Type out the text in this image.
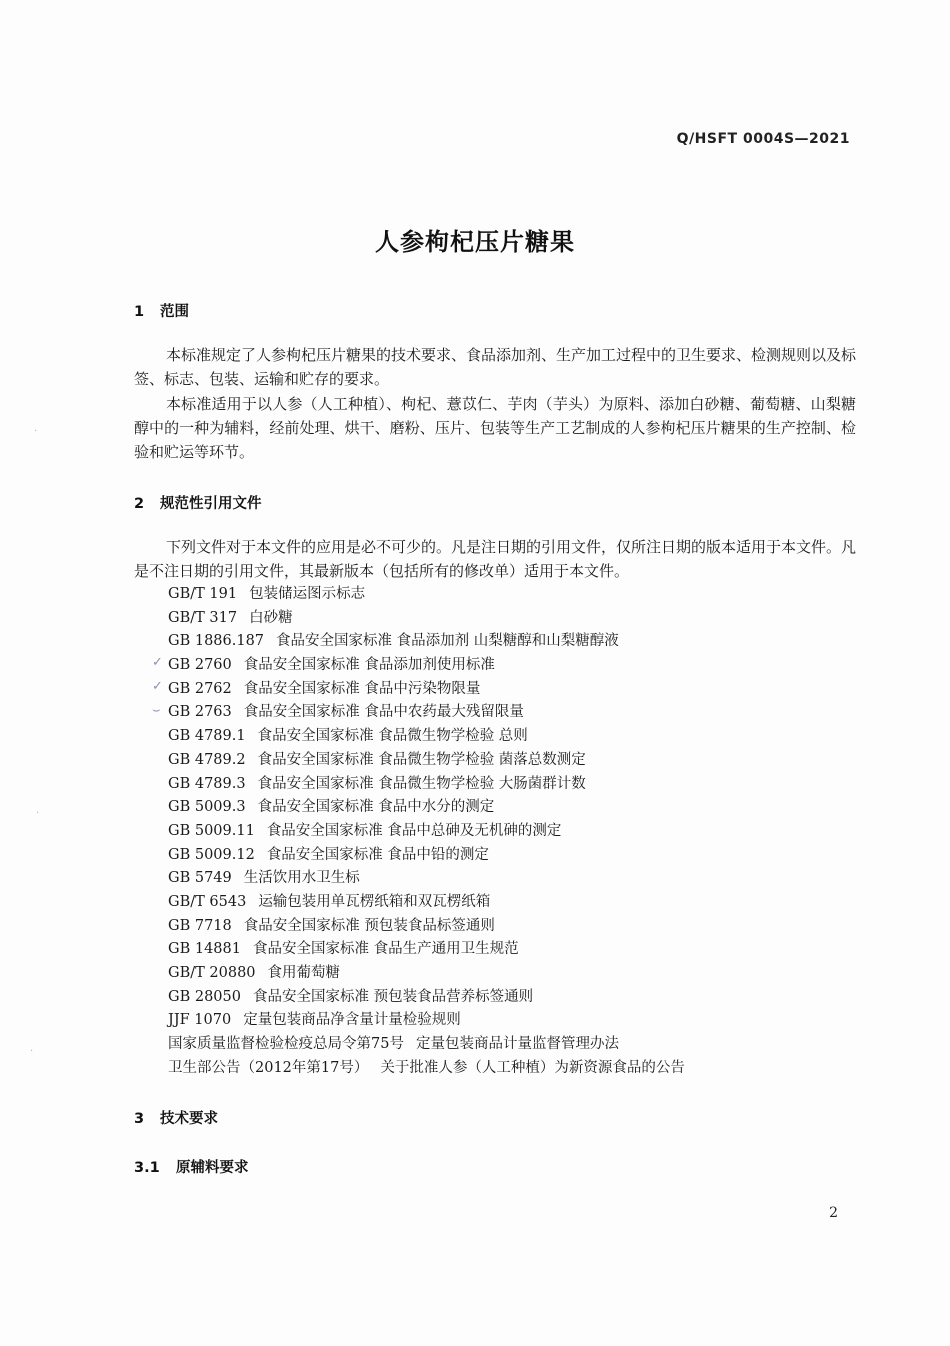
Q/HSFT 0004S—2021
人参枸杞压片糖果
1 范围
本标准规定了人参枸杞压片糖果的技术要求、食品添加剂、生产加工过程中的卫生要求、检测规则以及标签、标志、包装、运输和贮存的要求。
本标准适用于以人参（人工种植）、枸杞、薏苡仁、芋肉（芋头）为原料、添加白砂糖、葡萄糖、山梨糖醇中的一种为辅料，经前处理、烘干、磨粉、压片、包装等生产工艺制成的人参枸杞压片糖果的生产控制、检验和贮运等环节。
2 规范性引用文件
下列文件对于本文件的应用是必不可少的。凡是注日期的引用文件，仅所注日期的版本适用于本文件。凡是不注日期的引用文件，其最新版本（包括所有的修改单）适用于本文件。
GB/T 191 包装储运图示标志
GB/T 317 白砂糖
GB 1886.187 食品安全国家标准 食品添加剂 山梨糖醇和山梨糖醇液
GB 2760 食品安全国家标准 食品添加剂使用标准
GB 2762 食品安全国家标准 食品中污染物限量
GB 2763 食品安全国家标准 食品中农药最大残留限量
GB 4789.1 食品安全国家标准 食品微生物学检验 总则
GB 4789.2 食品安全国家标准 食品微生物学检验 菌落总数测定
GB 4789.3 食品安全国家标准 食品微生物学检验 大肠菌群计数
GB 5009.3 食品安全国家标准 食品中水分的测定
GB 5009.11 食品安全国家标准 食品中总砷及无机砷的测定
GB 5009.12 食品安全国家标准 食品中铅的测定
GB 5749 生活饮用水卫生标
GB/T 6543 运输包装用单瓦楞纸箱和双瓦楞纸箱
GB 7718 食品安全国家标准 预包装食品标签通则
GB 14881 食品安全国家标准 食品生产通用卫生规范
GB/T 20880 食用葡萄糖
GB 28050 食品安全国家标准 预包装食品营养标签通则
JJF 1070 定量包装商品净含量计量检验规则
国家质量监督检验检疫总局令第75号 定量包装商品计量监督管理办法
卫生部公告（2012年第17号） 关于批准人参（人工种植）为新资源食品的公告
✓
✓
⌣
3 技术要求
3.1 原辅料要求
2
·
·
·
